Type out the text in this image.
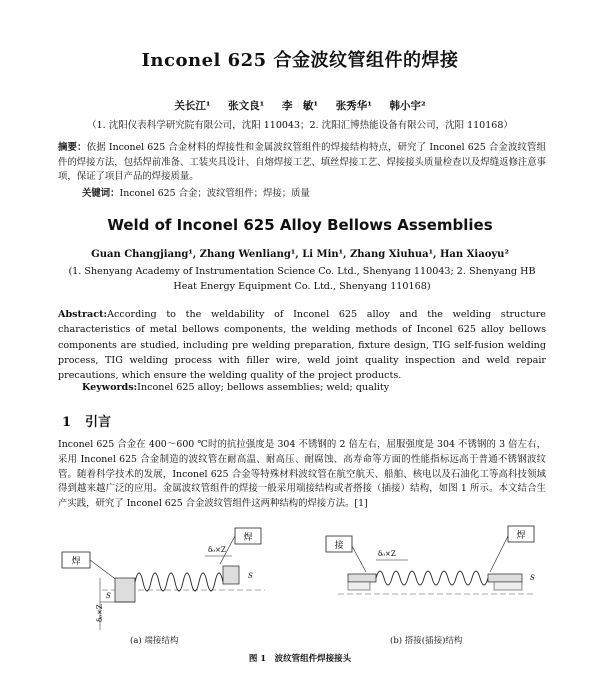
Inconel 625 合金波纹管组件的焊接
关长江¹ 张文良¹ 李　敏¹ 张秀华¹ 韩小宇²
（1. 沈阳仪表科学研究院有限公司，沈阳 110043；2. 沈阳汇博热能设备有限公司，沈阳 110168）
摘要：依据 Inconel 625 合金材料的焊接性和金属波纹管组件的焊接结构特点，研究了 Inconel 625 合金波纹管组件的焊接方法，包括焊前准备、工装夹具设计、自熔焊接工艺、填丝焊接工艺、焊接接头质量检查以及焊缝返修注意事项，保证了项目产品的焊接质量。
关键词：Inconel 625 合金；波纹管组件；焊接；质量
Weld of Inconel 625 Alloy Bellows Assemblies
Guan Changjiang¹, Zhang Wenliang¹, Li Min¹, Zhang Xiuhua¹, Han Xiaoyu²
(1. Shenyang Academy of Instrumentation Science Co. Ltd., Shenyang 110043; 2. Shenyang HB Heat Energy Equipment Co. Ltd., Shenyang 110168)
Abstract:According to the weldability of Inconel 625 alloy and the welding structure characteristics of metal bellows components, the welding methods of Inconel 625 alloy bellows components are studied, including pre welding preparation, fixture design, TIG self-fusion welding process, TIG welding process with filler wire, weld joint quality inspection and weld repair precautions, which ensure the welding quality of the project products.
Keywords:Inconel 625 alloy; bellows assemblies; weld; quality
1 引言
Inconel 625 合金在 400～600 ℃时的抗拉强度是 304 不锈钢的 2 倍左右，屈服强度是 304 不锈钢的 3 倍左右，采用 Inconel 625 合金制造的波纹管在耐高温、耐高压、耐腐蚀、高寿命等方面的性能指标远高于普通不锈钢波纹管。随着科学技术的发展，Inconel 625 合金等特殊材料波纹管在航空航天、船舶、核电以及石油化工等高科技领域得到越来越广泛的应用。金属波纹管组件的焊接一般采用端接结构或者搭接（插接）结构，如图 1 所示。本文结合生产实践，研究了 Inconel 625 合金波纹管组件这两种结构的焊接方法。[1]
焊
焊
δ₀×Z
S
δ₀×Z
S
接
焊
δ₀×Z
S
(a) 端接结构	(b) 搭接(插接)结构
图 1　波纹管组件焊接接头
